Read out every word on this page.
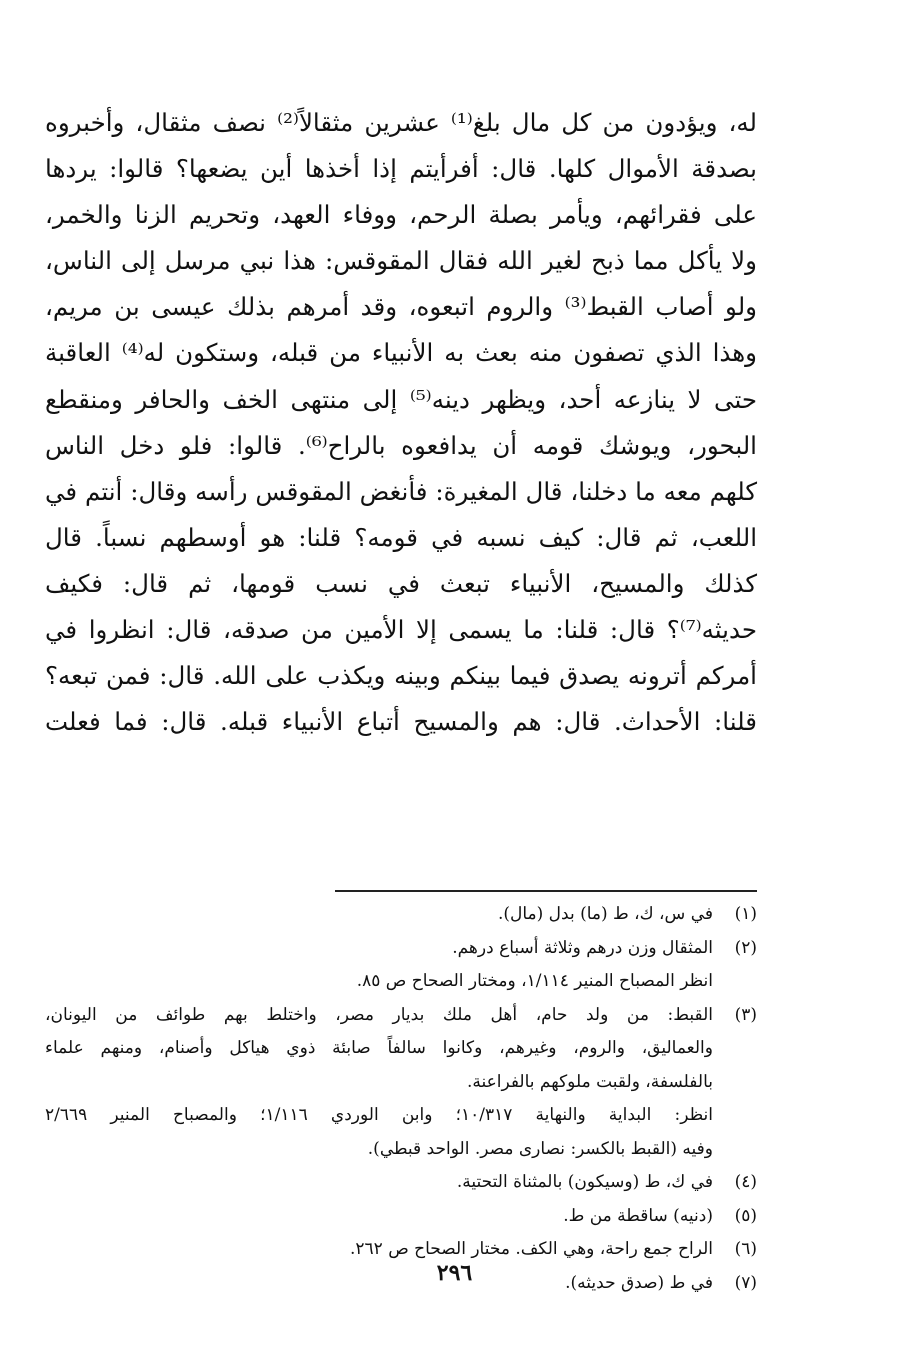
له، ويؤدون من كل مال بلغ⁽¹⁾ عشرين مثقالاً⁽²⁾ نصف مثقال، وأخبروه
بصدقة الأموال كلها. قال: أفرأيتم إذا أخذها أين يضعها؟ قالوا: يردها
على فقرائهم، ويأمر بصلة الرحم، ووفاء العهد، وتحريم الزنا والخمر،
ولا يأكل مما ذبح لغير الله فقال المقوقس: هذا نبي مرسل إلى الناس،
ولو أصاب القبط⁽³⁾ والروم اتبعوه، وقد أمرهم بذلك عيسى بن مريم،
وهذا الذي تصفون منه بعث به الأنبياء من قبله، وستكون له⁽⁴⁾ العاقبة
حتى لا ينازعه أحد، ويظهر دينه⁽⁵⁾ إلى منتهى الخف والحافر ومنقطع
البحور، ويوشك قومه أن يدافعوه بالراح⁽⁶⁾. قالوا: فلو دخل الناس
كلهم معه ما دخلنا، قال المغيرة: فأنغض المقوقس رأسه وقال: أنتم في
اللعب، ثم قال: كيف نسبه في قومه؟ قلنا: هو أوسطهم نسباً. قال
كذلك والمسيح، الأنبياء تبعث في نسب قومها، ثم قال: فكيف
حديثه⁽⁷⁾؟ قال: قلنا: ما يسمى إلا الأمين من صدقه، قال: انظروا في
أمركم أترونه يصدق فيما بينكم وبينه ويكذب على الله. قال: فمن تبعه؟
قلنا: الأحداث. قال: هم والمسيح أتباع الأنبياء قبله. قال: فما فعلت
(١)
في س، ك، ط (ما) بدل (مال).
(٢)
المثقال وزن درهم وثلاثة أسباع درهم.
انظر المصباح المنير ١/١١٤، ومختار الصحاح ص ٨٥.
(٣)
القبط: من ولد حام، أهل ملك بديار مصر، واختلط بهم طوائف من اليونان،
والعماليق، والروم، وغيرهم، وكانوا سالفاً صابئة ذوي هياكل وأصنام، ومنهم علماء
بالفلسفة، ولقبت ملوكهم بالفراعنة.
انظر: البداية والنهاية ١٠/٣١٧؛ وابن الوردي ١/١١٦؛ والمصباح المنير ٢/٦٦٩
وفيه (القبط بالكسر: نصارى مصر. الواحد قبطي).
(٤)
في ك، ط (وسيكون) بالمثناة التحتية.
(٥)
(دنيه) ساقطة من ط.
(٦)
الراح جمع راحة، وهي الكف. مختار الصحاح ص ٢٦٢.
(٧)
في ط (صدق حديثه).
٢٩٦
